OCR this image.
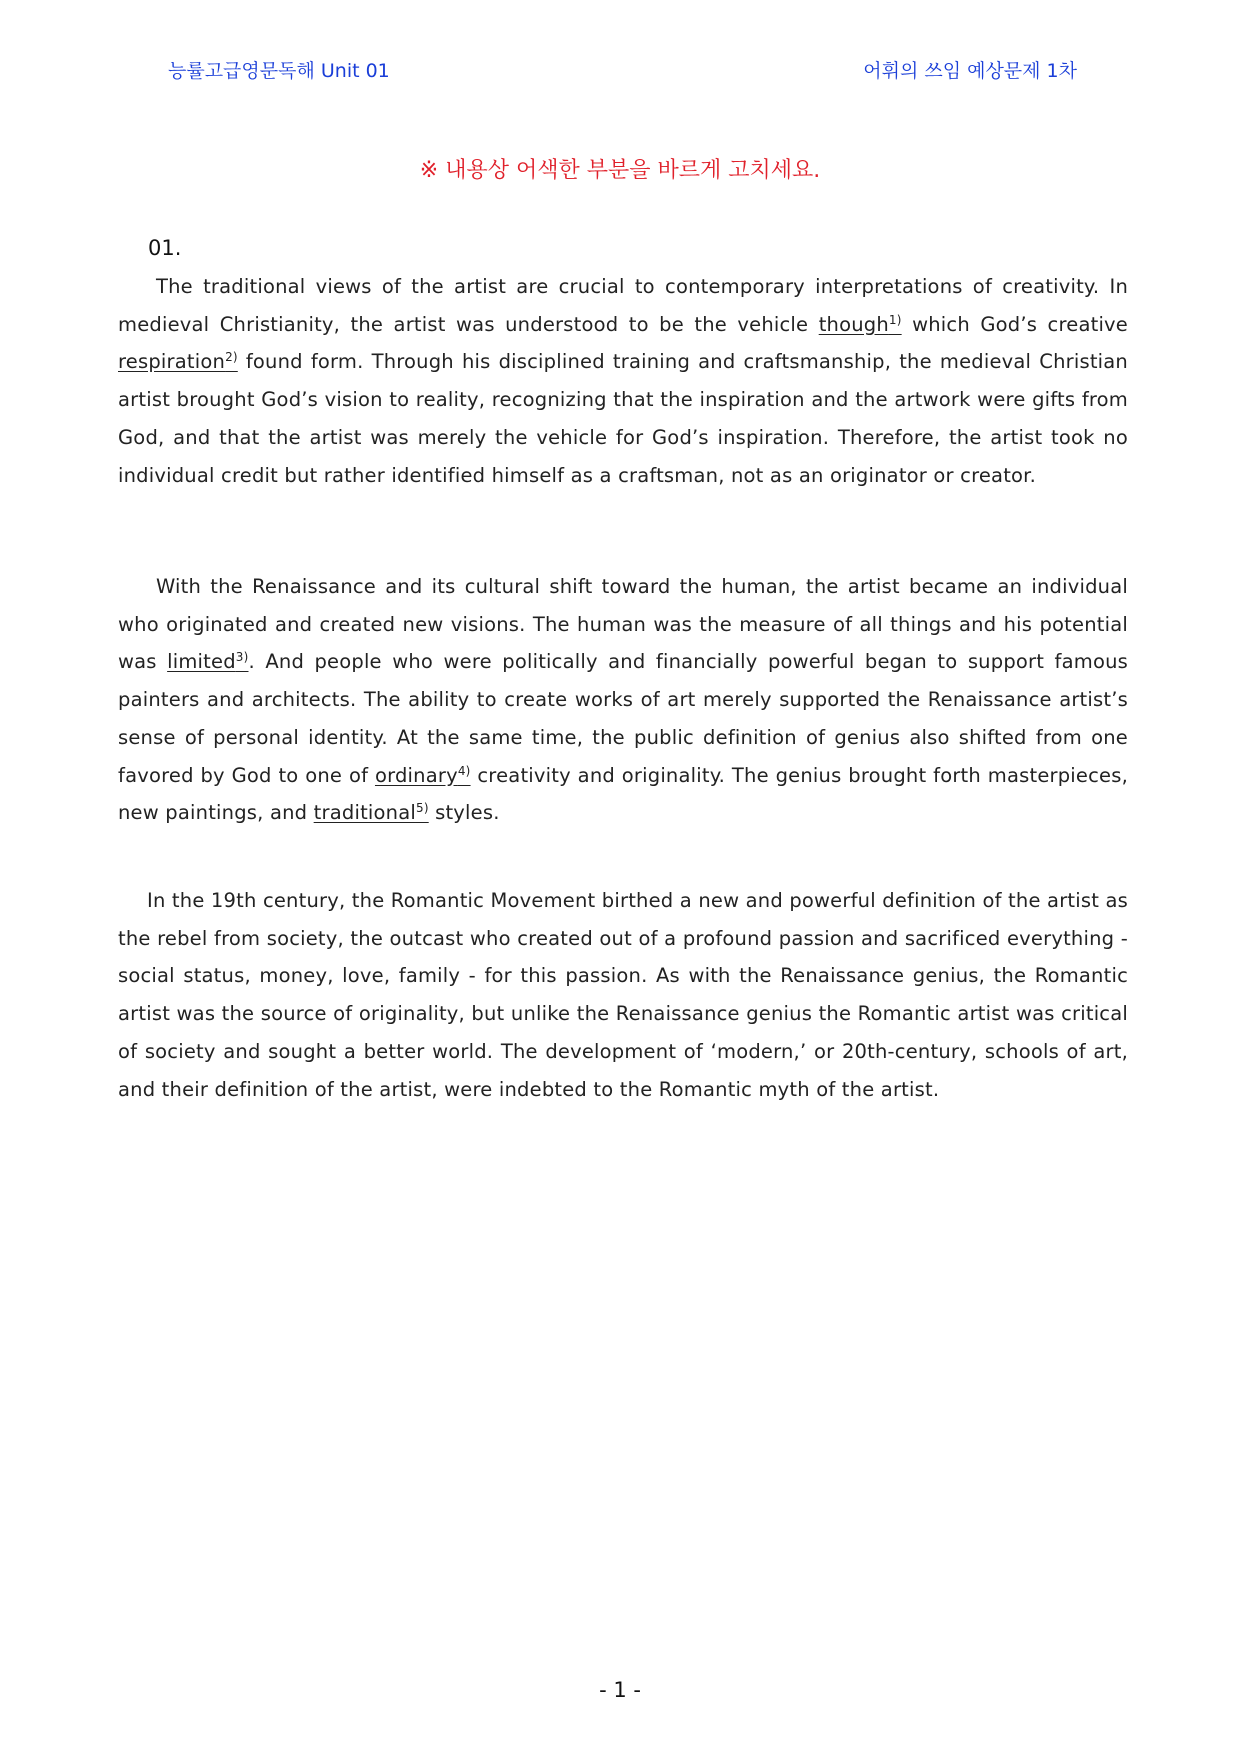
능률고급영문독해 Unit 01	어휘의 쓰임 예상문제 1차
※ 내용상 어색한 부분을 바르게 고치세요.
01.

The traditional views of the artist are crucial to contemporary interpretations of creativity. In medieval Christianity, the artist was understood to be the vehicle though$^{1)}$ which God’s creative respiration$^{2)}$ found form. Through his disciplined training and craftsmanship, the medieval Christian artist brought God’s vision to reality, recognizing that the inspiration and the artwork were gifts from God, and that the artist was merely the vehicle for God’s inspiration. Therefore, the artist took no individual credit but rather identified himself as a craftsman, not as an originator or creator.

With the Renaissance and its cultural shift toward the human, the artist became an individual who originated and created new visions. The human was the measure of all things and his potential was limited$^{3)}$. And people who were politically and financially powerful began to support famous painters and architects. The ability to create works of art merely supported the Renaissance artist’s sense of personal identity. At the same time, the public definition of genius also shifted from one favored by God to one of ordinary$^{4)}$ creativity and originality. The genius brought forth masterpieces, new paintings, and traditional$^{5)}$ styles.

In the 19th century, the Romantic Movement birthed a new and powerful definition of the artist as the rebel from society, the outcast who created out of a profound passion and sacrificed everything - social status, money, love, family - for this passion. As with the Renaissance genius, the Romantic artist was the source of originality, but unlike the Renaissance genius the Romantic artist was critical of society and sought a better world. The development of ‘modern,’ or 20th-century, schools of art, and their definition of the artist, were indebted to the Romantic myth of the artist.

- 1 -
